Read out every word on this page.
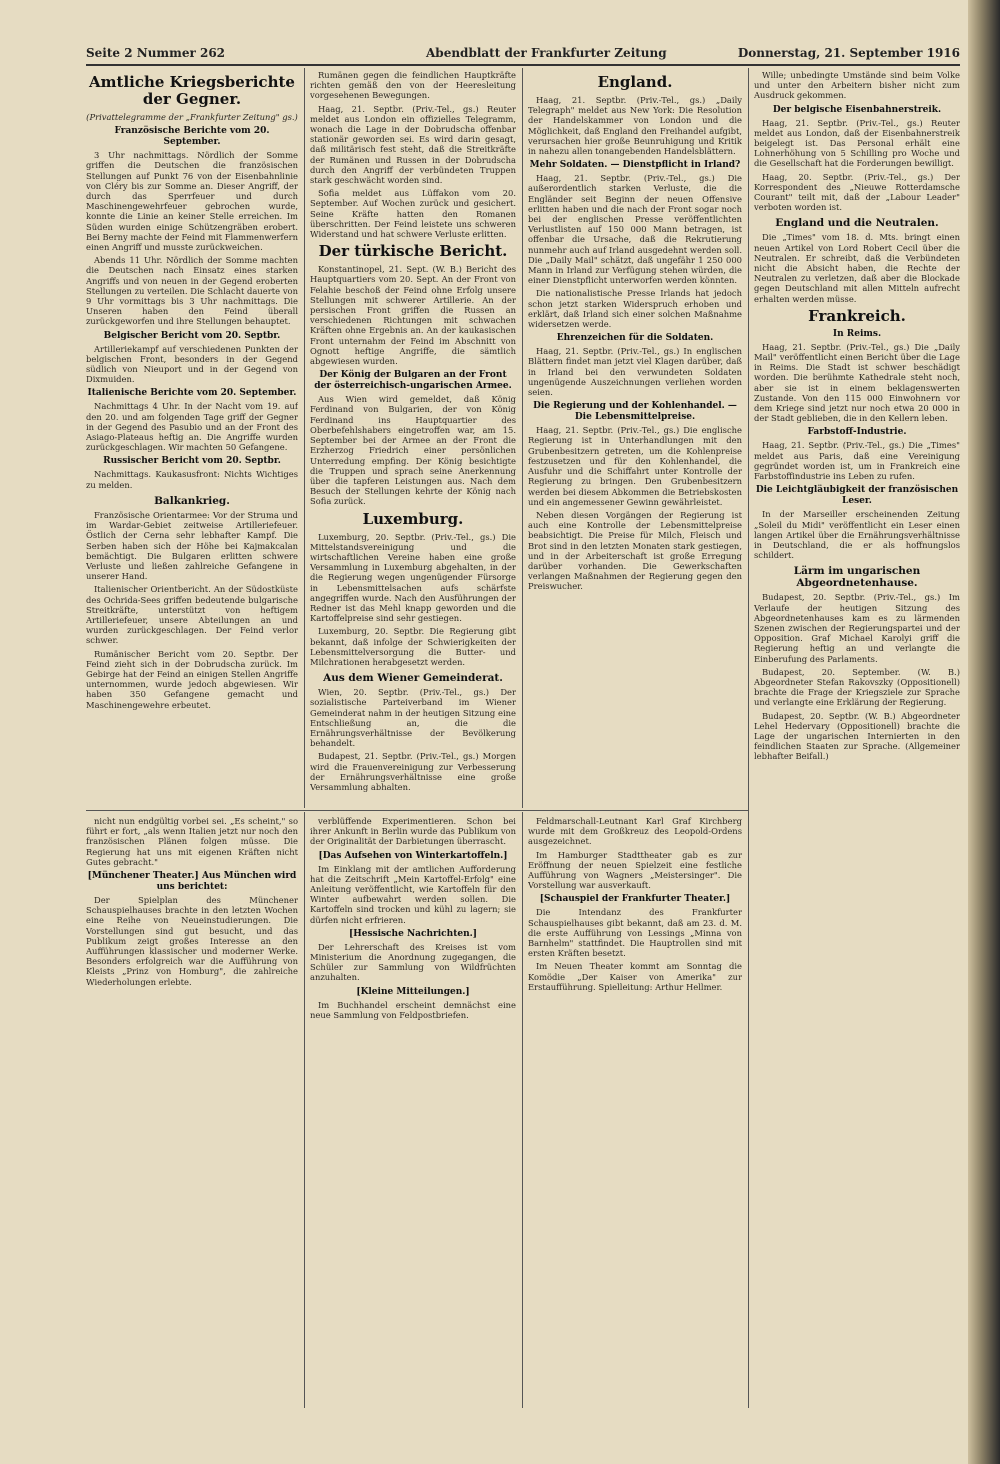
Seite 2 Nummer 262	Abendblatt der Frankfurter Zeitung	Donnerstag, 21. September 1916
Amtliche Kriegsberichte der Gegner.
(Privattelegramme der „Frankfurter Zeitung" gs.)
Französische Berichte vom 20. September.

3 Uhr nachmittags. Nördlich der Somme griffen die Deutschen die französischen Stellungen auf Punkt 76 von der Eisenbahnlinie von Cléry bis zur Somme an. Dieser Angriff, der durch das Sperrfeuer und durch Maschinengewehrfeuer gebrochen wurde, konnte die Linie an keiner Stelle erreichen. Im Süden wurden einige Schützengräben erobert. Bei Berny machte der Feind mit Flammenwerfern einen Angriff und musste zurückweichen.

Abends 11 Uhr. Nördlich der Somme machten die Deutschen nach Einsatz eines starken Angriffs und von neuen in der Gegend eroberten Stellungen zu verteilen. Die Schlacht dauerte von 9 Uhr vormittags bis 3 Uhr nachmittags. Die Unseren haben den Feind überall zurückgeworfen und ihre Stellungen behauptet.

Belgischer Bericht vom 20. Septbr.

Artilleriekampf auf verschiedenen Punkten der belgischen Front, besonders in der Gegend südlich von Nieuport und in der Gegend von Dixmuiden.

Italienische Berichte vom 20. September.

Nachmittags 4 Uhr. In der Nacht vom 19. auf den 20. und am folgenden Tage griff der Gegner in der Gegend des Pasubio und an der Front des Asiago-Plateaus heftig an. Die Angriffe wurden zurückgeschlagen. Wir machten 50 Gefangene.

Russischer Bericht vom 20. Septbr.

Nachmittags. Kaukasusfront: Nichts Wichtiges zu melden.

Balkankrieg.

Französische Orientarmee: Vor der Struma und im Wardar-Gebiet zeitweise Artilleriefeuer. Östlich der Cerna sehr lebhafter Kampf. Die Serben haben sich der Höhe bei Kajmakcalan bemächtigt. Die Bulgaren erlitten schwere Verluste und ließen zahlreiche Gefangene in unserer Hand.

Italienischer Orientbericht. An der Südostküste des Ochrida-Sees griffen bedeutende bulgarische Streitkräfte, unterstützt von heftigem Artilleriefeuer, unsere Abteilungen an und wurden zurückgeschlagen. Der Feind verlor schwer.

Rumänischer Bericht vom 20. Septbr. Der Feind zieht sich in der Dobrudscha zurück. Im Gebirge hat der Feind an einigen Stellen Angriffe unternommen, wurde jedoch abgewiesen. Wir haben 350 Gefangene gemacht und Maschinengewehre erbeutet.

Rumänen gegen die feindlichen Hauptkräfte richten gemäß den von der Heeresleitung vorgesehenen Bewegungen.

Haag, 21. Septbr. (Priv.-Tel., gs.) Reuter meldet aus London ein offizielles Telegramm, wonach die Lage in der Dobrudscha offenbar stationär geworden sei. Es wird darin gesagt, daß militärisch fest steht, daß die Streitkräfte der Rumänen und Russen in der Dobrudscha durch den Angriff der verbündeten Truppen stark geschwächt worden sind.

Sofia meldet aus Lüffakon vom 20. September. Auf Wochen zurück und gesichert. Seine Kräfte hatten den Romanen überschritten. Der Feind leistete uns schweren Widerstand und hat schwere Verluste erlitten.

Der türkische Bericht.

Konstantinopel, 21. Sept. (W. B.) Bericht des Hauptquartiers vom 20. Sept. An der Front von Felahie beschoß der Feind ohne Erfolg unsere Stellungen mit schwerer Artillerie. An der persischen Front griffen die Russen an verschiedenen Richtungen mit schwachen Kräften ohne Ergebnis an. An der kaukasischen Front unternahm der Feind im Abschnitt von Ognott heftige Angriffe, die sämtlich abgewiesen wurden.

Der König der Bulgaren an der Front der österreichisch-ungarischen Armee.

Aus Wien wird gemeldet, daß König Ferdinand von Bulgarien, der von König Ferdinand ins Hauptquartier des Oberbefehlshabers eingetroffen war, am 15. September bei der Armee an der Front die Erzherzog Friedrich einer persönlichen Unterredung empfing. Der König besichtigte die Truppen und sprach seine Anerkennung über die tapferen Leistungen aus. Nach dem Besuch der Stellungen kehrte der König nach Sofia zurück.

Luxemburg.

Luxemburg, 20. Septbr. (Priv.-Tel., gs.) Die Mittelstandsvereinigung und die wirtschaftlichen Vereine haben eine große Versammlung in Luxemburg abgehalten, in der die Regierung wegen ungenügender Fürsorge in Lebensmittelsachen aufs schärfste angegriffen wurde. Nach den Ausführungen der Redner ist das Mehl knapp geworden und die Kartoffelpreise sind sehr gestiegen.

Luxemburg, 20. Septbr. Die Regierung gibt bekannt, daß infolge der Schwierigkeiten der Lebensmittelversorgung die Butter- und Milchrationen herabgesetzt werden.

Aus dem Wiener Gemeinderat.

Wien, 20. Septbr. (Priv.-Tel., gs.) Der sozialistische Parteiverband im Wiener Gemeinderat nahm in der heutigen Sitzung eine Entschließung an, die die Ernährungsverhältnisse der Bevölkerung behandelt.

Budapest, 21. Septbr. (Priv.-Tel., gs.) Morgen wird die Frauenvereinigung zur Verbesserung der Ernährungsverhältnisse eine große Versammlung abhalten.

England.

Haag, 21. Septbr. (Priv.-Tel., gs.) „Daily Telegraph" meldet aus New York: Die Resolution der Handelskammer von London und die Möglichkeit, daß England den Freihandel aufgibt, verursachen hier große Beunruhigung und Kritik in nahezu allen tonangebenden Handelsblättern.

Mehr Soldaten. — Dienstpflicht in Irland?

Haag, 21. Septbr. (Priv.-Tel., gs.) Die außerordentlich starken Verluste, die die Engländer seit Beginn der neuen Offensive erlitten haben und die nach der Front sogar noch bei der englischen Presse veröffentlichten Verlustlisten auf 150 000 Mann betragen, ist offenbar die Ursache, daß die Rekrutierung nunmehr auch auf Irland ausgedehnt werden soll. Die „Daily Mail" schätzt, daß ungefähr 1 250 000 Mann in Irland zur Verfügung stehen würden, die einer Dienstpflicht unterworfen werden könnten.

Die nationalistische Presse Irlands hat jedoch schon jetzt starken Widerspruch erhoben und erklärt, daß Irland sich einer solchen Maßnahme widersetzen werde.

Ehrenzeichen für die Soldaten.

Haag, 21. Septbr. (Priv.-Tel., gs.) In englischen Blättern findet man jetzt viel Klagen darüber, daß in Irland bei den verwundeten Soldaten ungenügende Auszeichnungen verliehen worden seien.

Die Regierung und der Kohlenhandel. — Die Lebensmittelpreise.

Haag, 21. Septbr. (Priv.-Tel., gs.) Die englische Regierung ist in Unterhandlungen mit den Grubenbesitzern getreten, um die Kohlenpreise festzusetzen und für den Kohlenhandel, die Ausfuhr und die Schiffahrt unter Kontrolle der Regierung zu bringen. Den Grubenbesitzern werden bei diesem Abkommen die Betriebskosten und ein angemessener Gewinn gewährleistet.

Neben diesen Vorgängen der Regierung ist auch eine Kontrolle der Lebensmittelpreise beabsichtigt. Die Preise für Milch, Fleisch und Brot sind in den letzten Monaten stark gestiegen, und in der Arbeiterschaft ist große Erregung darüber vorhanden. Die Gewerkschaften verlangen Maßnahmen der Regierung gegen den Preiswucher.

Wille; unbedingte Umstände sind beim Volke und unter den Arbeitern bisher nicht zum Ausdruck gekommen.

Der belgische Eisenbahnerstreik.

Haag, 21. Septbr. (Priv.-Tel., gs.) Reuter meldet aus London, daß der Eisenbahnerstreik beigelegt ist. Das Personal erhält eine Lohnerhöhung von 5 Schilling pro Woche und die Gesellschaft hat die Forderungen bewilligt.

Haag, 20. Septbr. (Priv.-Tel., gs.) Der Korrespondent des „Nieuwe Rotterdamsche Courant" teilt mit, daß der „Labour Leader" verboten worden ist.

England und die Neutralen.

Die „Times" vom 18. d. Mts. bringt einen neuen Artikel von Lord Robert Cecil über die Neutralen. Er schreibt, daß die Verbündeten nicht die Absicht haben, die Rechte der Neutralen zu verletzen, daß aber die Blockade gegen Deutschland mit allen Mitteln aufrecht erhalten werden müsse.

Frankreich.
In Reims.

Haag, 21. Septbr. (Priv.-Tel., gs.) Die „Daily Mail" veröffentlicht einen Bericht über die Lage in Reims. Die Stadt ist schwer beschädigt worden. Die berühmte Kathedrale steht noch, aber sie ist in einem beklagenswerten Zustande. Von den 115 000 Einwohnern vor dem Kriege sind jetzt nur noch etwa 20 000 in der Stadt geblieben, die in den Kellern leben.

Farbstoff-Industrie.

Haag, 21. Septbr. (Priv.-Tel., gs.) Die „Times" meldet aus Paris, daß eine Vereinigung gegründet worden ist, um in Frankreich eine Farbstoffindustrie ins Leben zu rufen.

Die Leichtgläubigkeit der französischen Leser.

In der Marseiller erscheinenden Zeitung „Soleil du Midi" veröffentlicht ein Leser einen langen Artikel über die Ernährungsverhältnisse in Deutschland, die er als hoffnungslos schildert.

Lärm im ungarischen Abgeordnetenhause.

Budapest, 20. Septbr. (Priv.-Tel., gs.) Im Verlaufe der heutigen Sitzung des Abgeordnetenhauses kam es zu lärmenden Szenen zwischen der Regierungspartei und der Opposition. Graf Michael Karolyi griff die Regierung heftig an und verlangte die Einberufung des Parlaments.

Budapest, 20. September. (W. B.) Abgeordneter Stefan Rakovszky (Oppositionell) brachte die Frage der Kriegsziele zur Sprache und verlangte eine Erklärung der Regierung.

Budapest, 20. Septbr. (W. B.) Abgeordneter Lehel Hedervary (Oppositionell) brachte die Lage der ungarischen Internierten in den feindlichen Staaten zur Sprache. (Allgemeiner lebhafter Beifall.)

nicht nun endgültig vorbei sei. „Es scheint," so führt er fort, „als wenn Italien jetzt nur noch den französischen Plänen folgen müsse. Die Regierung hat uns mit eigenen Kräften nicht Gutes gebracht."

[Münchener Theater.] Aus München wird uns berichtet:

Der Spielplan des Münchener Schauspielhauses brachte in den letzten Wochen eine Reihe von Neueinstudierungen. Die Vorstellungen sind gut besucht, und das Publikum zeigt großes Interesse an den Aufführungen klassischer und moderner Werke. Besonders erfolgreich war die Aufführung von Kleists „Prinz von Homburg", die zahlreiche Wiederholungen erlebte.

verblüffende Experimentieren. Schon bei ihrer Ankunft in Berlin wurde das Publikum von der Originalität der Darbietungen überrascht.

[Das Aufsehen von Winterkartoffeln.]

Im Einklang mit der amtlichen Aufforderung hat die Zeitschrift „Mein Kartoffel-Erfolg" eine Anleitung veröffentlicht, wie Kartoffeln für den Winter aufbewahrt werden sollen. Die Kartoffeln sind trocken und kühl zu lagern; sie dürfen nicht erfrieren.

[Hessische Nachrichten.]

Der Lehrerschaft des Kreises ist vom Ministerium die Anordnung zugegangen, die Schüler zur Sammlung von Wildfrüchten anzuhalten.

[Kleine Mitteilungen.]

Im Buchhandel erscheint demnächst eine neue Sammlung von Feldpostbriefen.

Feldmarschall-Leutnant Karl Graf Kirchberg wurde mit dem Großkreuz des Leopold-Ordens ausgezeichnet.

Im Hamburger Stadttheater gab es zur Eröffnung der neuen Spielzeit eine festliche Aufführung von Wagners „Meistersinger". Die Vorstellung war ausverkauft.

[Schauspiel der Frankfurter Theater.]

Die Intendanz des Frankfurter Schauspielhauses gibt bekannt, daß am 23. d. M. die erste Aufführung von Lessings „Minna von Barnhelm" stattfindet. Die Hauptrollen sind mit ersten Kräften besetzt.

Im Neuen Theater kommt am Sonntag die Komödie „Der Kaiser von Amerika" zur Erstaufführung. Spielleitung: Arthur Hellmer.
